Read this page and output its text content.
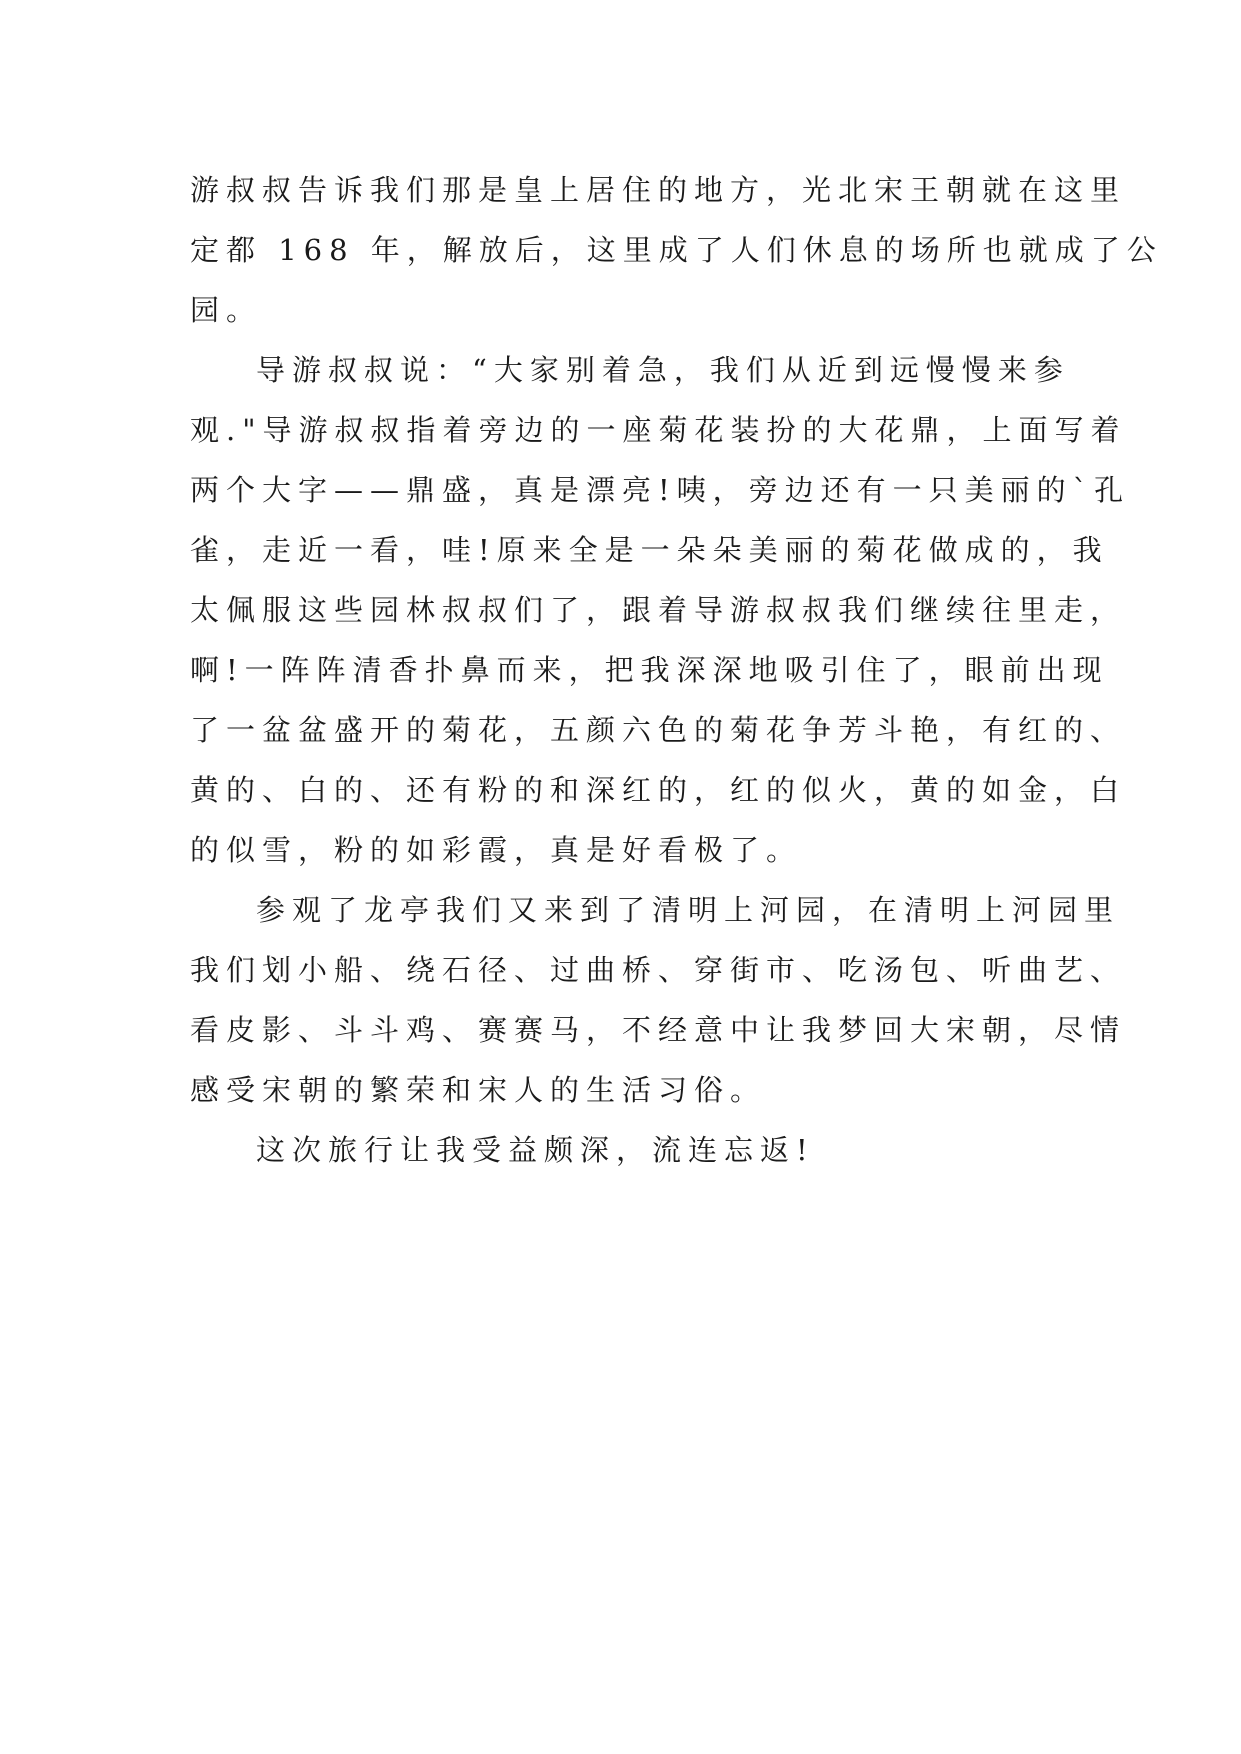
游叔叔告诉我们那是皇上居住的地方，光北宋王朝就在这里
定都 168 年，解放后，这里成了人们休息的场所也就成了公
园。
导游叔叔说：“大家别着急，我们从近到远慢慢来参
观."导游叔叔指着旁边的一座菊花装扮的大花鼎，上面写着
两个大字——鼎盛，真是漂亮!咦，旁边还有一只美丽的`孔
雀，走近一看，哇!原来全是一朵朵美丽的菊花做成的，我
太佩服这些园林叔叔们了，跟着导游叔叔我们继续往里走，
啊!一阵阵清香扑鼻而来，把我深深地吸引住了，眼前出现
了一盆盆盛开的菊花，五颜六色的菊花争芳斗艳，有红的、
黄的、白的、还有粉的和深红的，红的似火，黄的如金，白
的似雪，粉的如彩霞，真是好看极了。
参观了龙亭我们又来到了清明上河园，在清明上河园里
我们划小船、绕石径、过曲桥、穿街市、吃汤包、听曲艺、
看皮影、斗斗鸡、赛赛马，不经意中让我梦回大宋朝，尽情
感受宋朝的繁荣和宋人的生活习俗。
这次旅行让我受益颇深，流连忘返!
